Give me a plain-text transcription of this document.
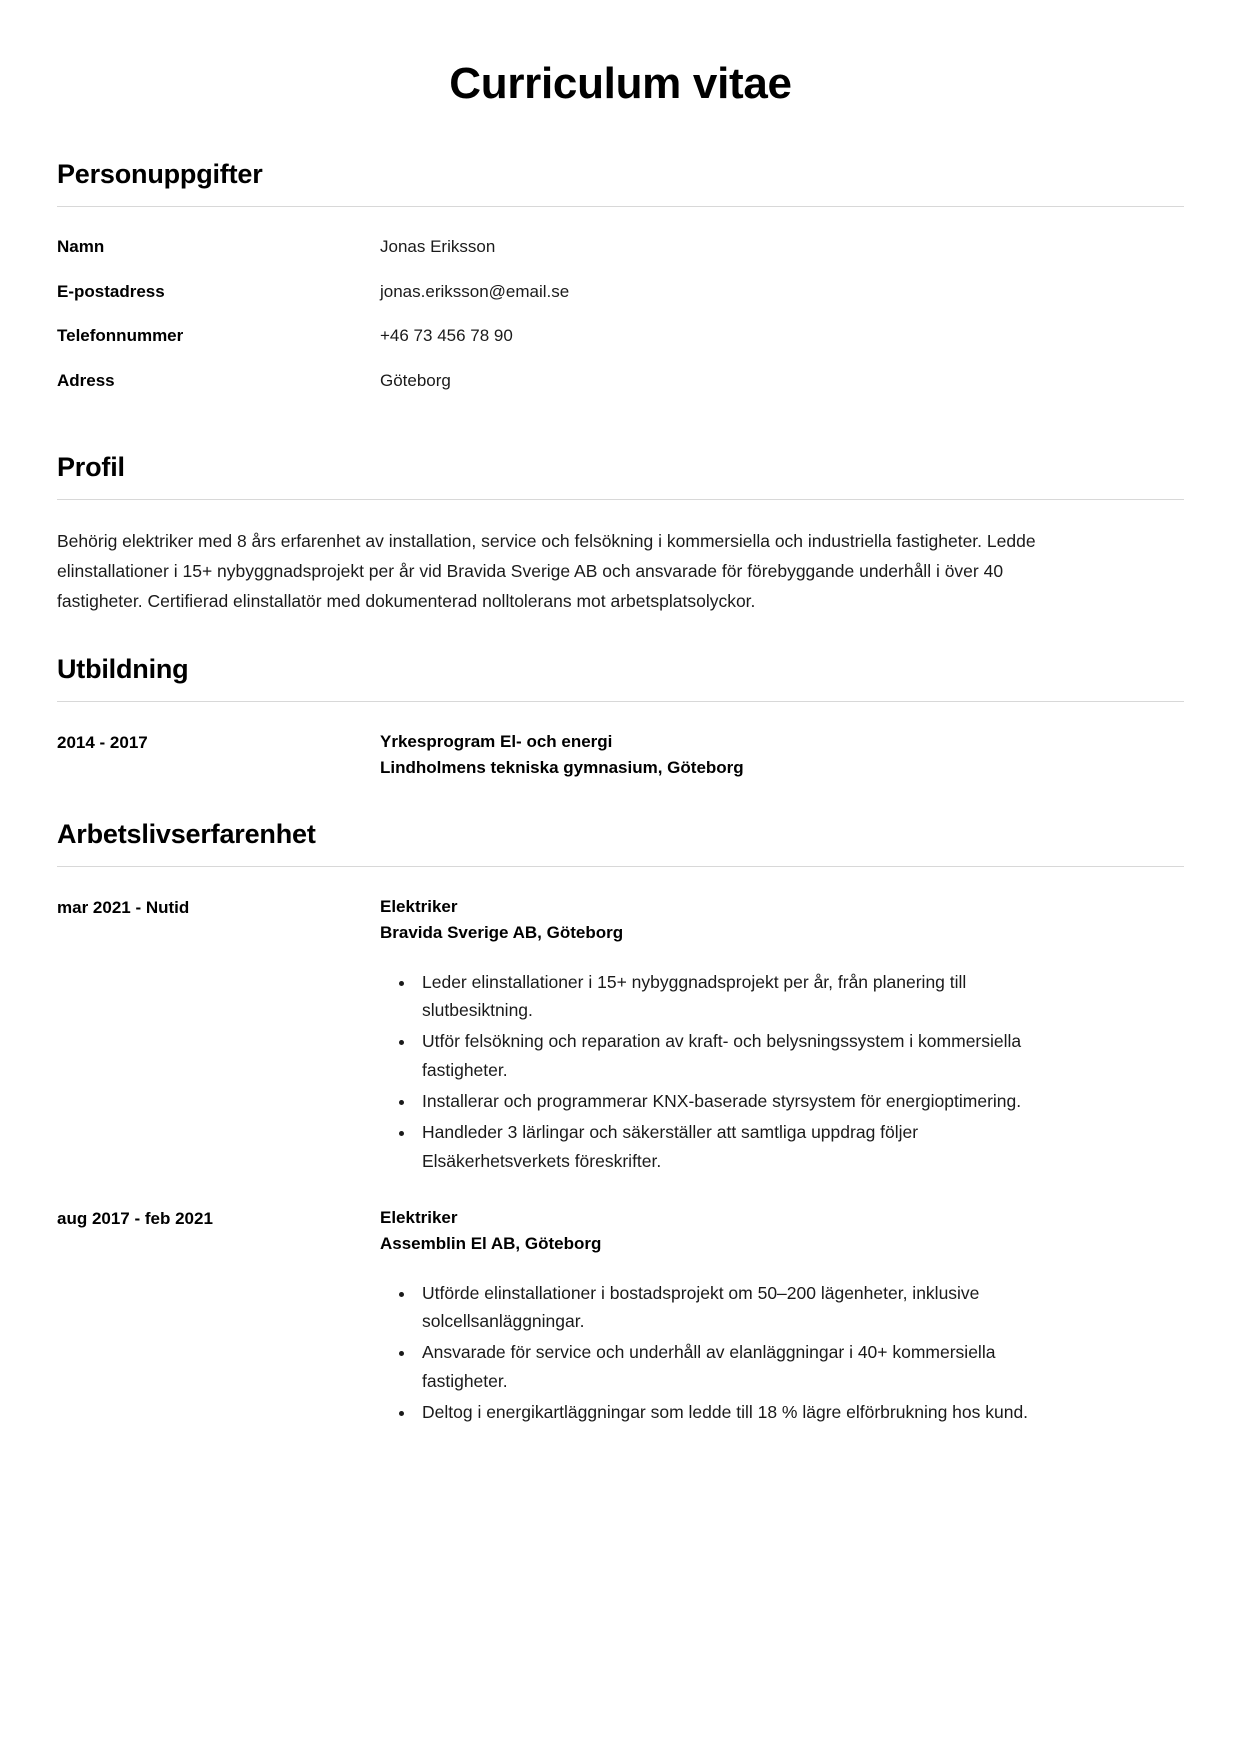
Curriculum vitae
Personuppgifter
Namn	Jonas Eriksson
E-postadress	jonas.eriksson@email.se
Telefonnummer	+46 73 456 78 90
Adress	Göteborg
Profil

Behörig elektriker med 8 års erfarenhet av installation, service och felsökning i kommersiella och industriella fastigheter. Ledde elinstallationer i 15+ nybyggnadsprojekt per år vid Bravida Sverige AB och ansvarade för förebyggande underhåll i över 40 fastigheter. Certifierad elinstallatör med dokumenterad nolltolerans mot arbetsplatsolyckor.

Utbildning
2014 - 2017	Yrkesprogram El- och energi
Lindholmens tekniska gymnasium, Göteborg
Arbetslivserfarenhet
mar 2021 - Nutid	Elektriker
Bravida Sverige AB, Göteborg
• Leder elinstallationer i 15+ nybyggnadsprojekt per år, från planering till slutbesiktning.
• Utför felsökning och reparation av kraft- och belysningssystem i kommersiella fastigheter.
• Installerar och programmerar KNX-baserade styrsystem för energioptimering.
• Handleder 3 lärlingar och säkerställer att samtliga uppdrag följer Elsäkerhetsverkets föreskrifter.
aug 2017 - feb 2021	Elektriker
Assemblin El AB, Göteborg
• Utförde elinstallationer i bostadsprojekt om 50–200 lägenheter, inklusive solcellsanläggningar.
• Ansvarade för service och underhåll av elanläggningar i 40+ kommersiella fastigheter.
• Deltog i energikartläggningar som ledde till 18 % lägre elförbrukning hos kund.
